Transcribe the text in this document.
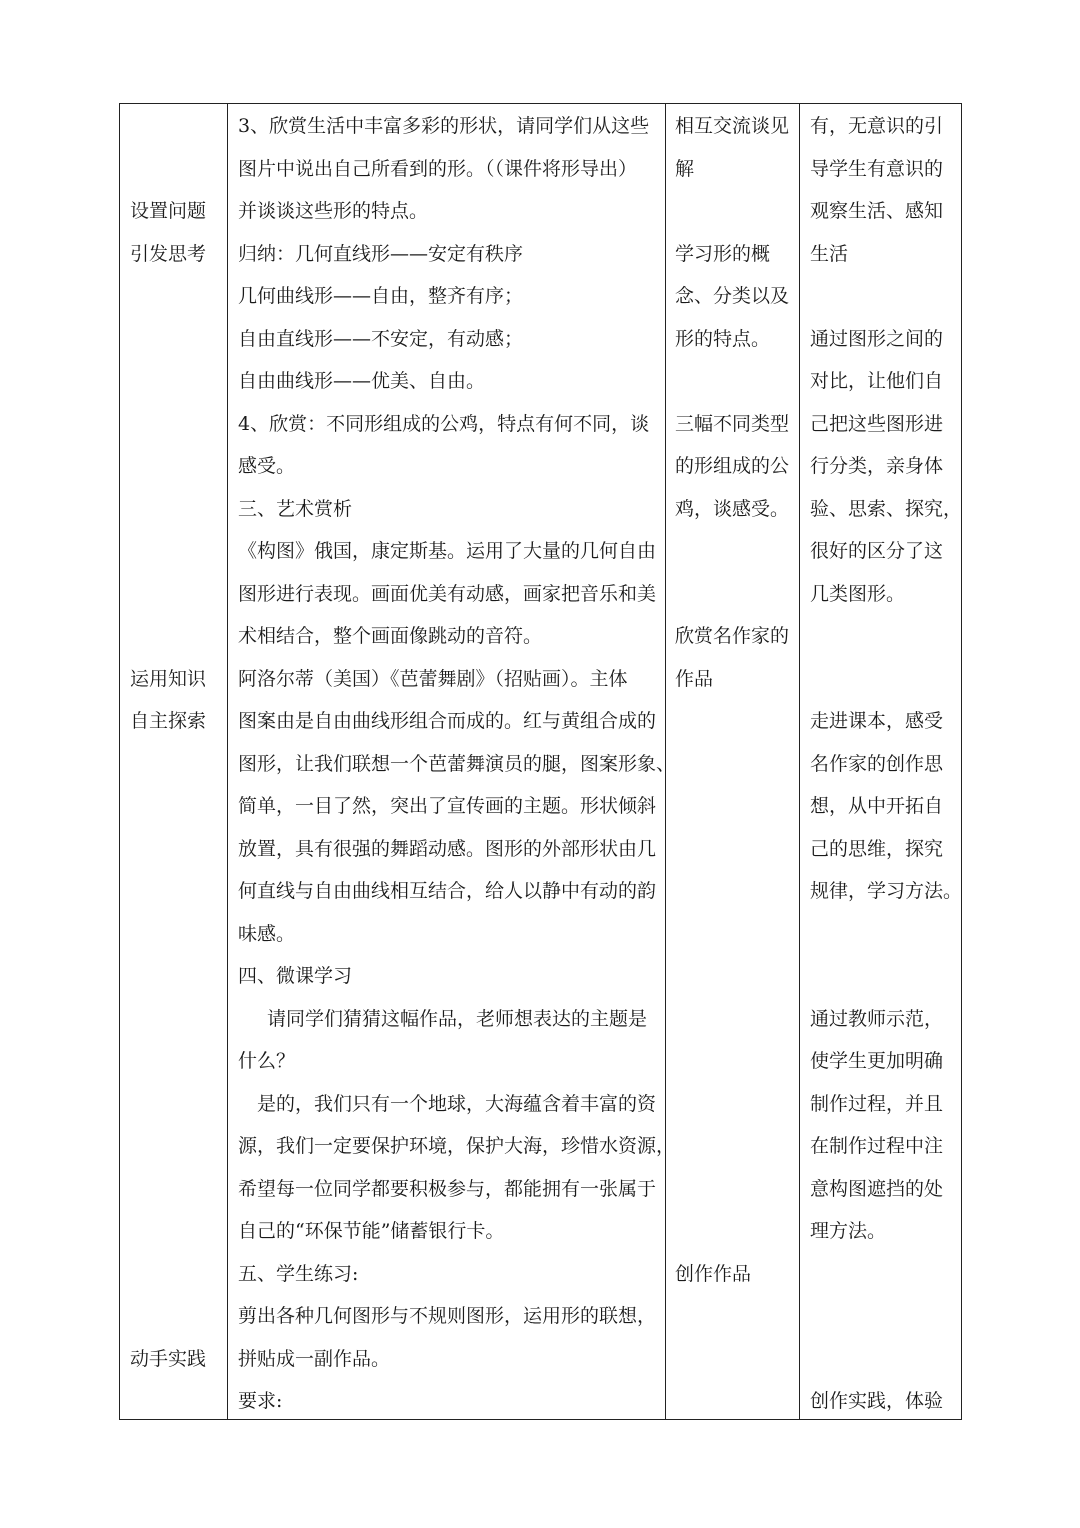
设置问题
引发思考
运用知识
自主探索
动手实践
3、欣赏生活中丰富多彩的形状，请同学们从这些
图片中说出自己所看到的形。（（课件将形导出）
并谈谈这些形的特点。
归纳：几何直线形——安定有秩序
几何曲线形——自由，整齐有序；
自由直线形——不安定，有动感；
自由曲线形——优美、自由。
4、欣赏：不同形组成的公鸡，特点有何不同，谈
感受。
三、艺术赏析
《构图》俄国，康定斯基。运用了大量的几何自由
图形进行表现。画面优美有动感，画家把音乐和美
术相结合，整个画面像跳动的音符。
阿洛尔蒂（美国）《芭蕾舞剧》（招贴画）。主体
图案由是自由曲线形组合而成的。红与黄组合成的
图形，让我们联想一个芭蕾舞演员的腿，图案形象、
简单，一目了然，突出了宣传画的主题。形状倾斜
放置，具有很强的舞蹈动感。图形的外部形状由几
何直线与自由曲线相互结合，给人以静中有动的韵
味感。
四、微课学习
请同学们猜猜这幅作品，老师想表达的主题是
什么？
是的，我们只有一个地球，大海蕴含着丰富的资
源，我们一定要保护环境，保护大海，珍惜水资源，
希望每一位同学都要积极参与，都能拥有一张属于
自己的“环保节能”储蓄银行卡。
五、学生练习:
剪出各种几何图形与不规则图形，运用形的联想，
拼贴成一副作品。
要求:
相互交流谈见
解
学习形的概
念、分类以及
形的特点。
三幅不同类型
的形组成的公
鸡，谈感受。
欣赏名作家的
作品
创作作品
有，无意识的引
导学生有意识的
观察生活、感知
生活
通过图形之间的
对比，让他们自
己把这些图形进
行分类，亲身体
验、思索、探究，
很好的区分了这
几类图形。
走进课本，感受
名作家的创作思
想，从中开拓自
己的思维，探究
规律，学习方法。
通过教师示范，
使学生更加明确
制作过程，并且
在制作过程中注
意构图遮挡的处
理方法。
创作实践，体验
